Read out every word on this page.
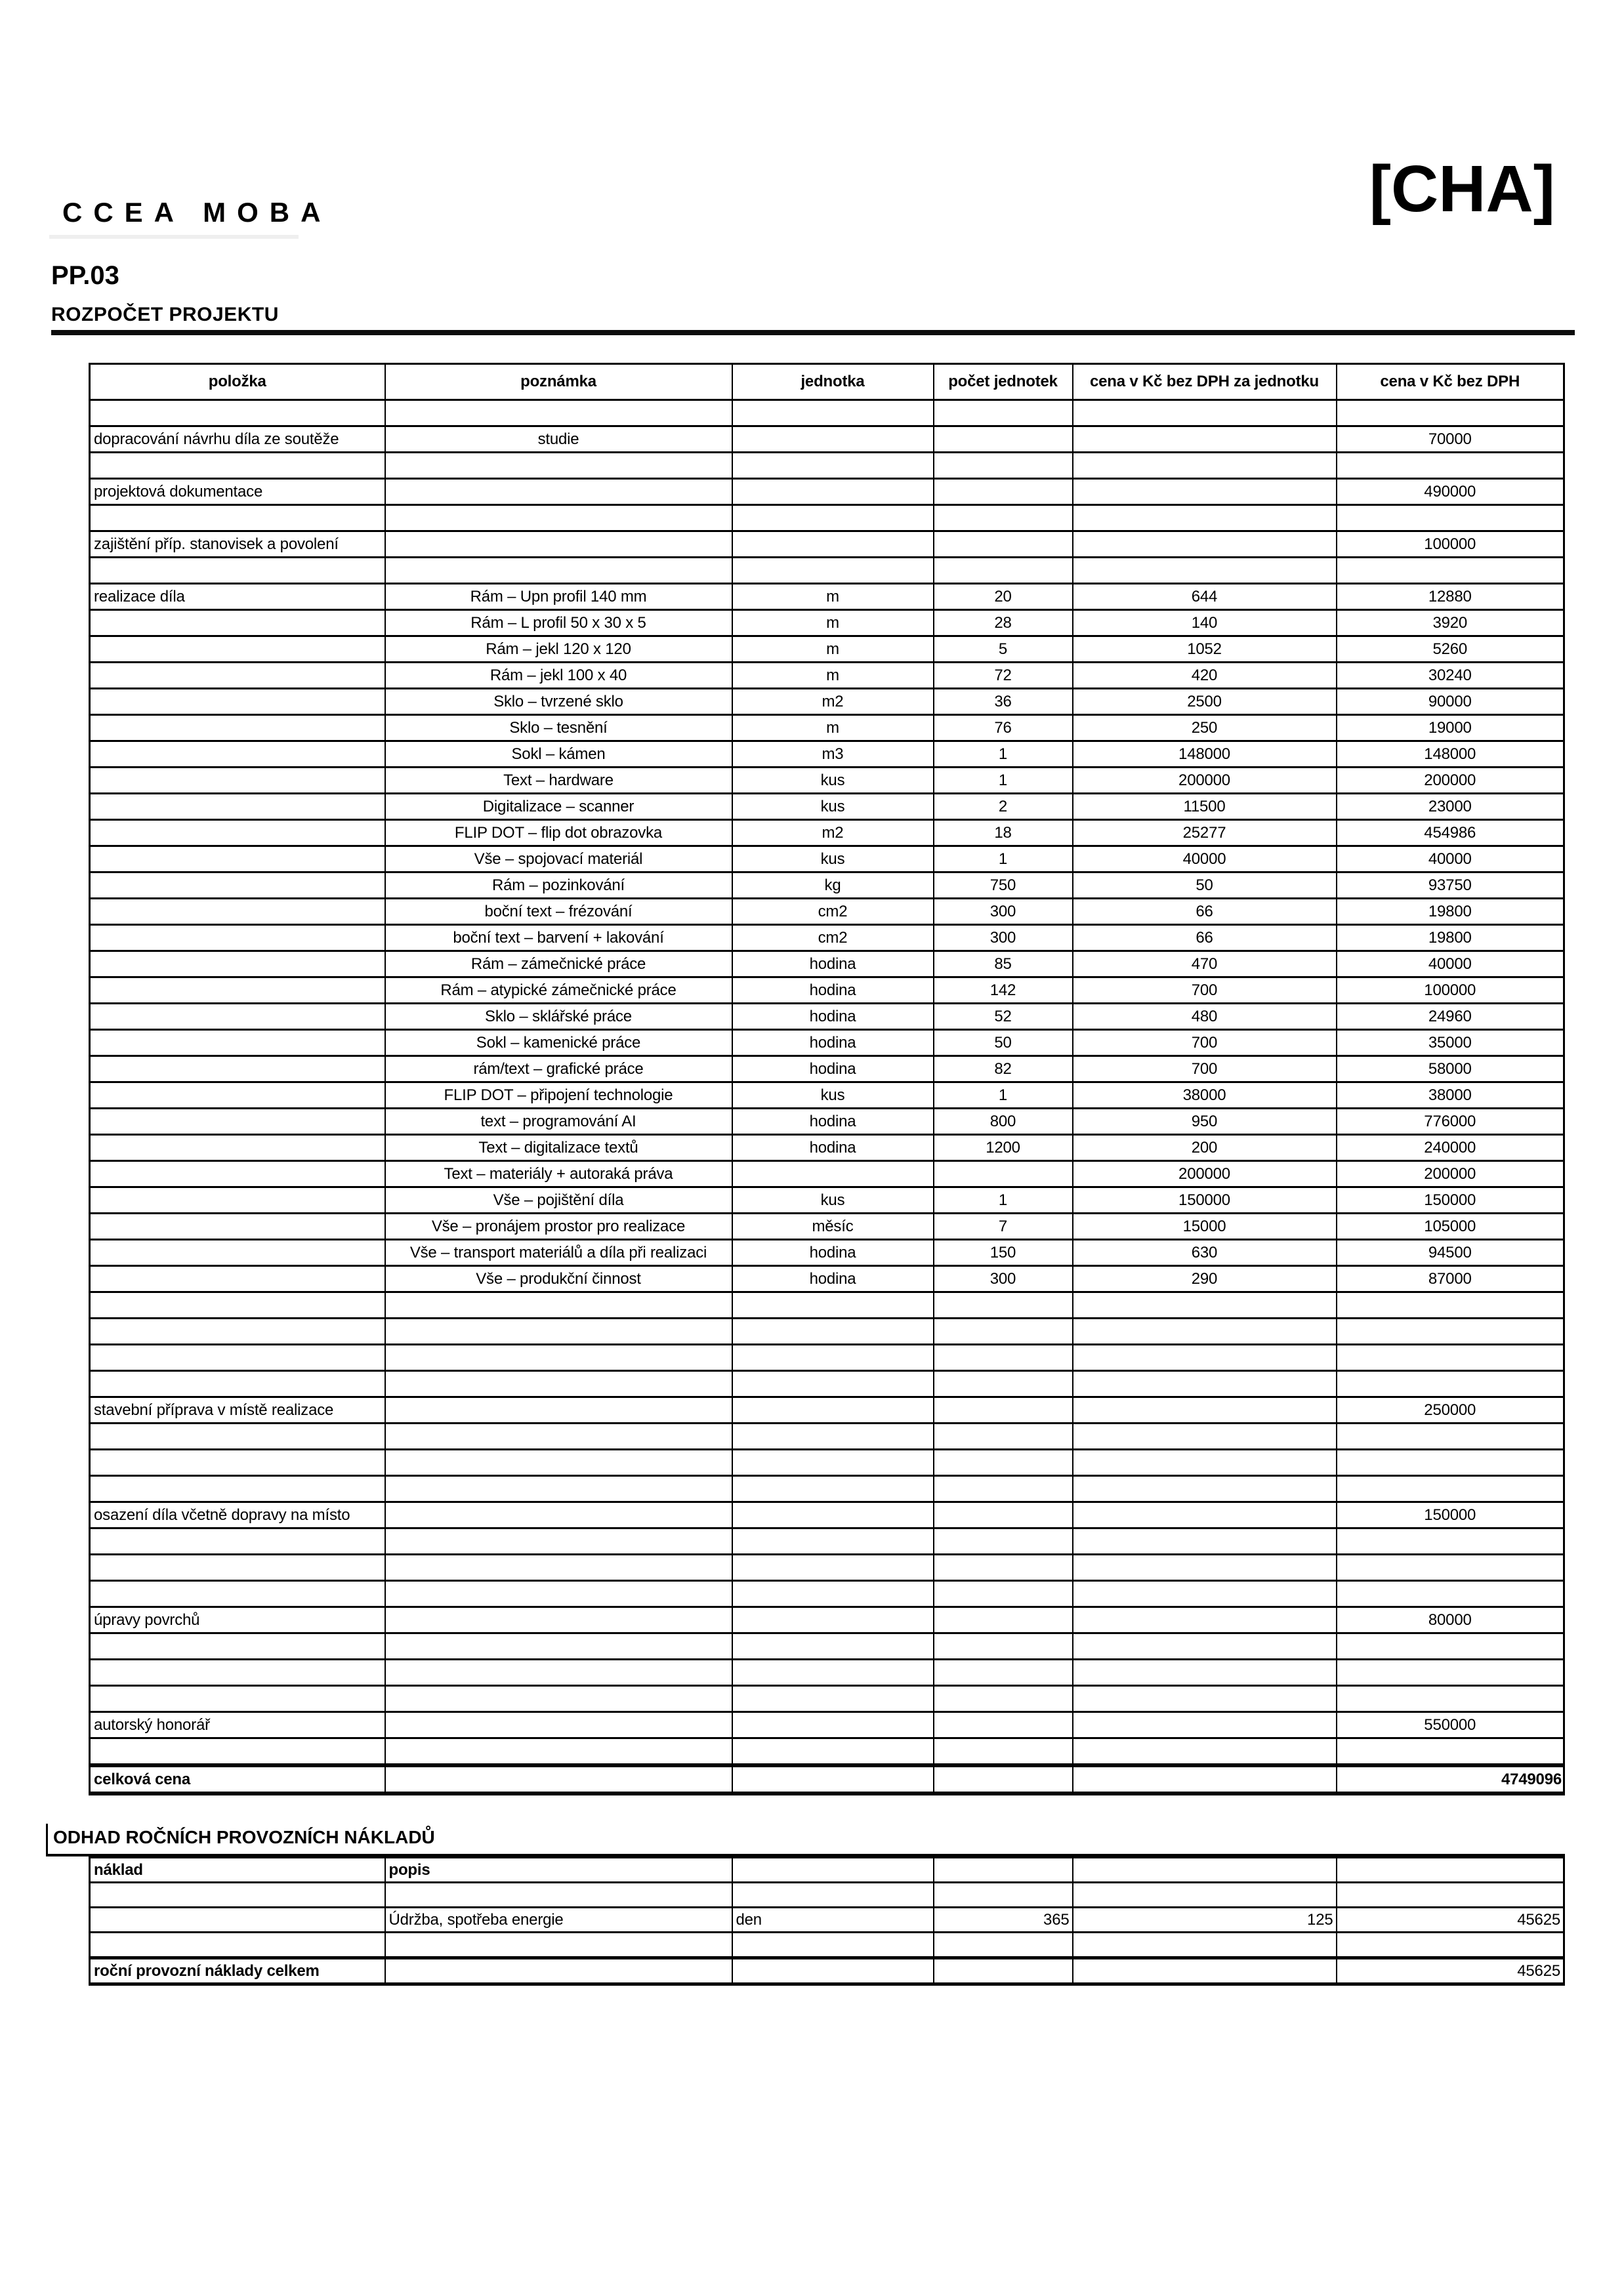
CCEA MOBA	[CHA]
PP.03
ROZPOČET PROJEKTU
položka	poznámka	jednotka	počet jednotek	cena v Kč bez DPH za jednotku	cena v Kč bez DPH

dopracování návrhu díla ze soutěže	studie				70000

projektová dokumentace					490000

zajištění příp. stanovisek a povolení					100000

realizace díla	Rám – Upn profil 140 mm	m	20	644	12880
	Rám – L profil 50 x 30 x 5	m	28	140	3920
	Rám – jekl 120 x 120	m	5	1052	5260
	Rám – jekl 100 x 40	m	72	420	30240
	Sklo – tvrzené sklo	m2	36	2500	90000
	Sklo – tesnění	m	76	250	19000
	Sokl – kámen	m3	1	148000	148000
	Text – hardware	kus	1	200000	200000
	Digitalizace – scanner	kus	2	11500	23000
	FLIP DOT – flip dot obrazovka	m2	18	25277	454986
	Vše – spojovací materiál	kus	1	40000	40000
	Rám – pozinkování	kg	750	50	93750
	boční text – frézování	cm2	300	66	19800
	boční text – barvení + lakování	cm2	300	66	19800
	Rám – zámečnické práce	hodina	85	470	40000
	Rám – atypické zámečnické práce	hodina	142	700	100000
	Sklo – sklářské práce	hodina	52	480	24960
	Sokl – kamenické práce	hodina	50	700	35000
	rám/text – grafické práce	hodina	82	700	58000
	FLIP DOT – připojení technologie	kus	1	38000	38000
	text – programování AI	hodina	800	950	776000
	Text – digitalizace textů	hodina	1200	200	240000
	Text – materiály + autoraká práva			200000	200000
	Vše – pojištění díla	kus	1	150000	150000
	Vše – pronájem prostor pro realizace	měsíc	7	15000	105000
	Vše – transport materiálů a díla při realizaci	hodina	150	630	94500
	Vše – produkční činnost	hodina	300	290	87000

stavební příprava v místě realizace					250000

osazení díla včetně dopravy na místo					150000

úpravy povrchů					80000

autorský honorář					550000

celková cena					4749096
ODHAD ROČNÍCH PROVOZNÍCH NÁKLADŮ
náklad	popis				

	Údržba, spotřeba energie	den	365	125	45625

roční provozní náklady celkem					45625
